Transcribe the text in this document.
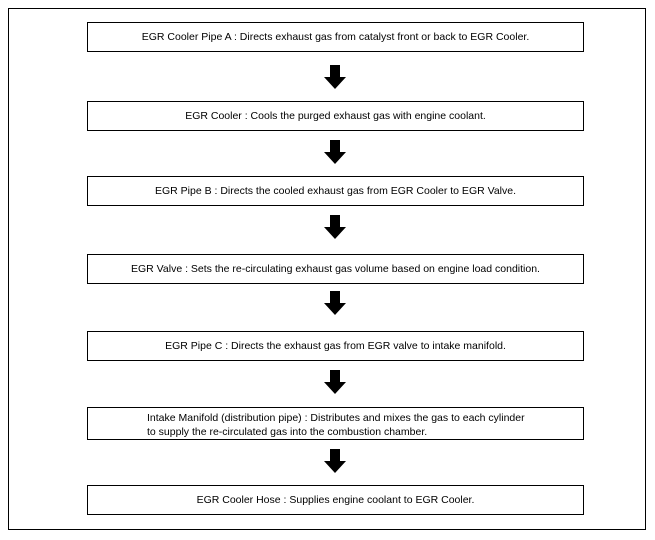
EGR Cooler Pipe A : Directs exhaust gas from catalyst front or back to EGR Cooler.
EGR Cooler : Cools the purged exhaust gas with engine coolant.
EGR Pipe B : Directs the cooled exhaust gas from EGR Cooler to EGR Valve.
EGR Valve : Sets the re-circulating exhaust gas volume based on engine load condition.
EGR Pipe C : Directs the exhaust gas from EGR valve to intake manifold.
Intake Manifold (distribution pipe) : Distributes and mixes the gas to each cylinder
to supply the re-circulated gas into the combustion chamber.
EGR Cooler Hose : Supplies engine coolant to EGR Cooler.
